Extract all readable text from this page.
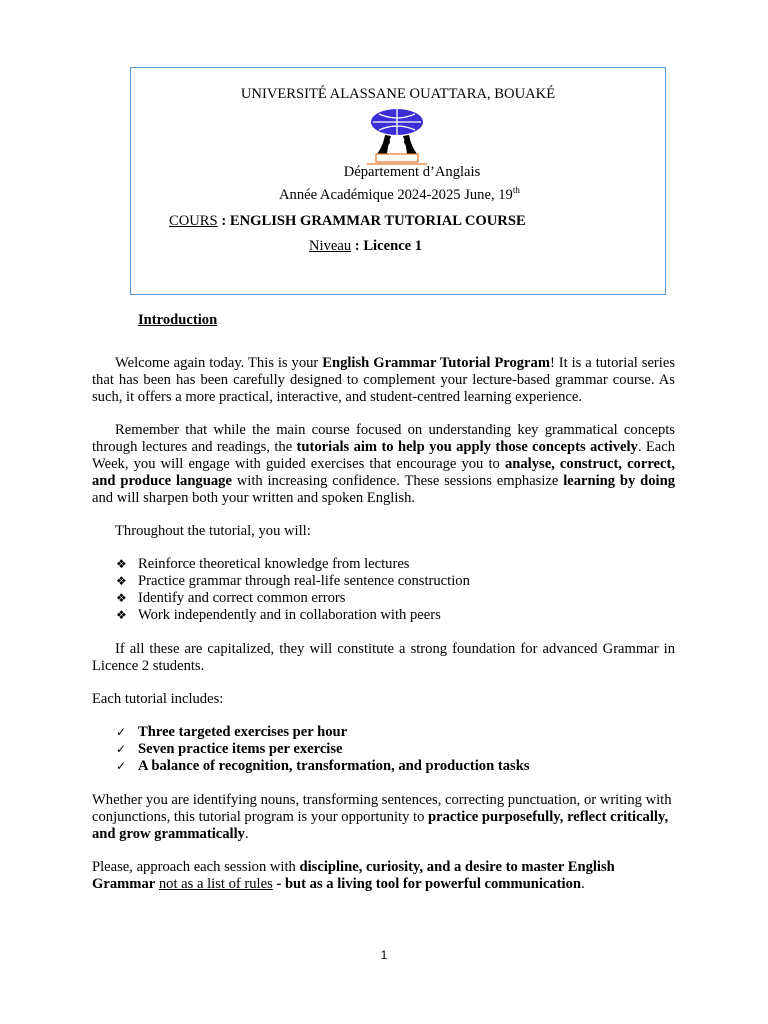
UNIVERSITÉ ALASSANE OUATTARA, BOUAKÉ
Département d’Anglais
Année Académique 2024-2025 June, 19th
COURS : ENGLISH GRAMMAR TUTORIAL COURSE
Niveau : Licence 1
Introduction

Welcome again today. This is your English Grammar Tutorial Program! It is a tutorial series that has been has been carefully designed to complement your lecture-based grammar course. As such, it offers a more practical, interactive, and student-centred learning experience.

Remember that while the main course focused on understanding key grammatical concepts through lectures and readings, the tutorials aim to help you apply those concepts actively. Each Week, you will engage with guided exercises that encourage you to analyse, construct, correct, and produce language with increasing confidence. These sessions emphasize learning by doing and will sharpen both your written and spoken English.

Throughout the tutorial, you will:

❖ Reinforce theoretical knowledge from lectures
❖ Practice grammar through real-life sentence construction
❖ Identify and correct common errors
❖ Work independently and in collaboration with peers

If all these are capitalized, they will constitute a strong foundation for advanced Grammar in Licence 2 students.

Each tutorial includes:

✓ Three targeted exercises per hour
✓ Seven practice items per exercise
✓ A balance of recognition, transformation, and production tasks

Whether you are identifying nouns, transforming sentences, correcting punctuation, or writing with conjunctions, this tutorial program is your opportunity to practice purposefully, reflect critically, and grow grammatically.

Please, approach each session with discipline, curiosity, and a desire to master English Grammar not as a list of rules - but as a living tool for powerful communication.

1
